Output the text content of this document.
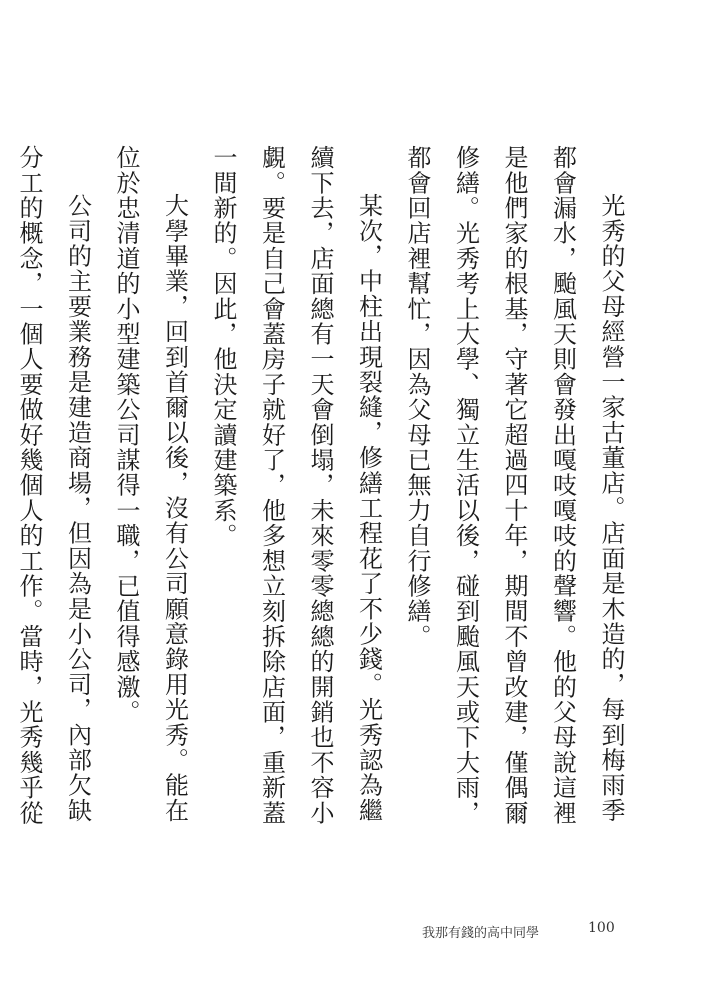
光秀的父母經營一家古董店。店面是木造的，每到梅雨季都會漏水，颱風天則會發出嘎吱嘎吱的聲響。他的父母說這裡是他們家的根基，守著它超過四十年，期間不曾改建，僅偶爾修繕。光秀考上大學、獨立生活以後，碰到颱風天或下大雨，都會回店裡幫忙，因為父母已無力自行修繕。

某次，中柱出現裂縫，修繕工程花了不少錢。光秀認為繼續下去，店面總有一天會倒塌，未來零零總總的開銷也不容小覷。要是自己會蓋房子就好了，他多想立刻拆除店面，重新蓋一間新的。因此，他決定讀建築系。

大學畢業，回到首爾以後，沒有公司願意錄用光秀。能在位於忠清道的小型建築公司謀得一職，已值得感激。

公司的主要業務是建造商場，但因為是小公司，內部欠缺分工的概念，一個人要做好幾個人的工作。當時，光秀幾乎從

我那有錢的高中同學	100
